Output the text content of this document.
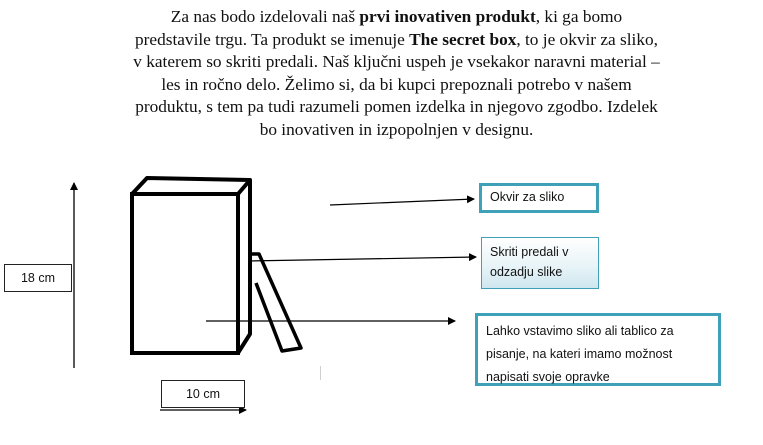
Za nas bodo izdelovali naš prvi inovativen produkt, ki ga bomo
predstavile trgu. Ta produkt se imenuje The secret box, to je okvir za sliko,
v katerem so skriti predali. Naš ključni uspeh je vsekakor naravni material –
les in ročno delo. Želimo si, da bi kupci prepoznali potrebo v našem
produktu, s tem pa tudi razumeli pomen izdelka in njegovo zgodbo. Izdelek
bo inovativen in izpopolnjen v designu.
18 cm
10 cm
Okvir za sliko
Skriti predali v
odzadju slike
Lahko vstavimo sliko ali tablico za
pisanje, na kateri imamo možnost
napisati svoje opravke
